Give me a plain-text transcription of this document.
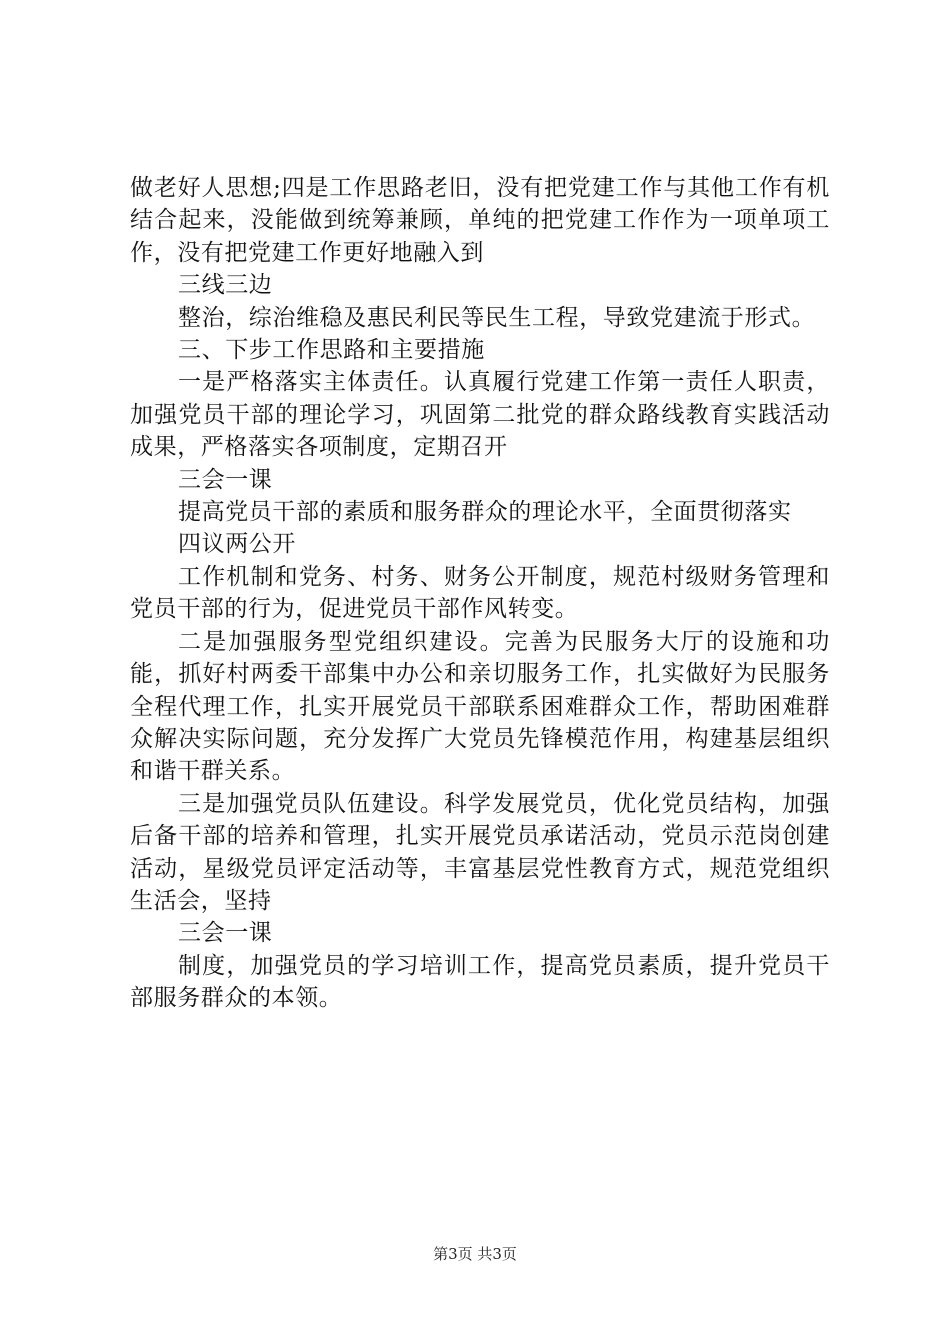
做老好人思想;四是工作思路老旧，没有把党建工作与其他工作有机结合起来，没能做到统筹兼顾，单纯的把党建工作作为一项单项工作，没有把党建工作更好地融入到

三线三边

整治，综治维稳及惠民利民等民生工程，导致党建流于形式。

三、下步工作思路和主要措施

一是严格落实主体责任。认真履行党建工作第一责任人职责，加强党员干部的理论学习，巩固第二批党的群众路线教育实践活动成果，严格落实各项制度，定期召开

三会一课

提高党员干部的素质和服务群众的理论水平，全面贯彻落实

四议两公开

工作机制和党务、村务、财务公开制度，规范村级财务管理和党员干部的行为，促进党员干部作风转变。

二是加强服务型党组织建设。完善为民服务大厅的设施和功能，抓好村两委干部集中办公和亲切服务工作，扎实做好为民服务全程代理工作，扎实开展党员干部联系困难群众工作，帮助困难群众解决实际问题，充分发挥广大党员先锋模范作用，构建基层组织和谐干群关系。

三是加强党员队伍建设。科学发展党员，优化党员结构，加强后备干部的培养和管理，扎实开展党员承诺活动，党员示范岗创建活动，星级党员评定活动等，丰富基层党性教育方式，规范党组织生活会，坚持

三会一课

制度，加强党员的学习培训工作，提高党员素质，提升党员干部服务群众的本领。

第3页 共3页
